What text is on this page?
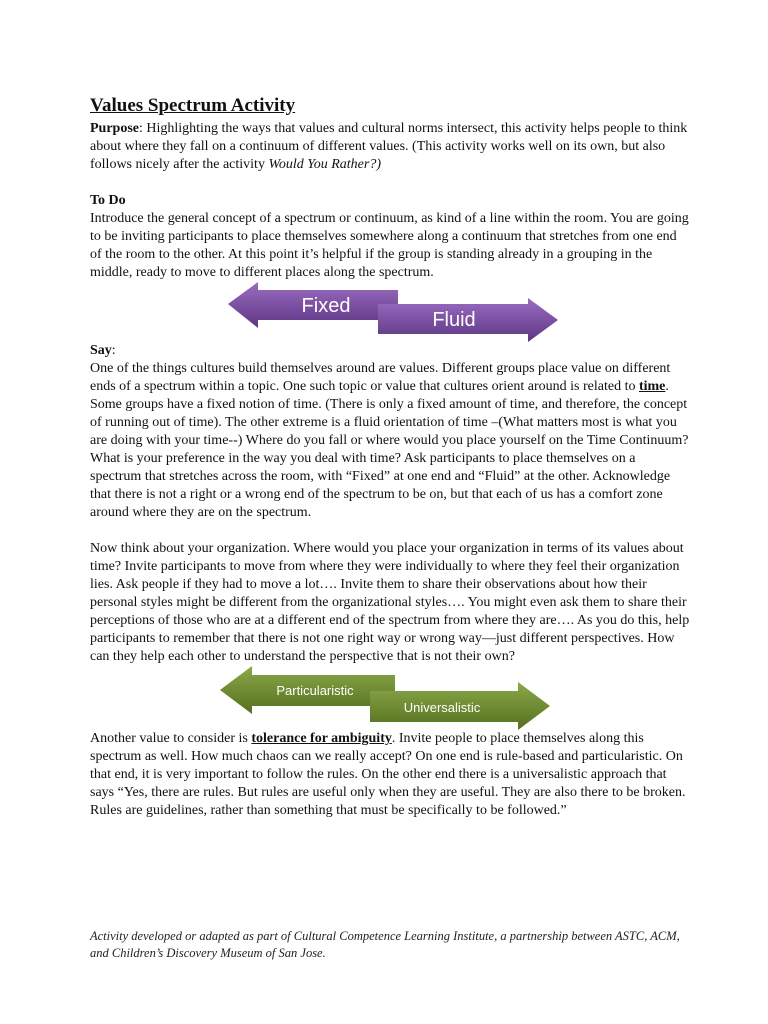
Values Spectrum Activity

Purpose: Highlighting the ways that values and cultural norms intersect, this activity helps people to think about where they fall on a continuum of different values. (This activity works well on its own, but also follows nicely after the activity Would You Rather?)

To Do

Introduce the general concept of a spectrum or continuum, as kind of a line within the room. You are going to be inviting participants to place themselves somewhere along a continuum that stretches from one end of the room to the other. At this point it’s helpful if the group is standing already in a grouping in the middle, ready to move to different places along the spectrum.

Fixed
Fluid

Say:

One of the things cultures build themselves around are values. Different groups place value on different ends of a spectrum within a topic. One such topic or value that cultures orient around is related to time.

Some groups have a fixed notion of time. (There is only a fixed amount of time, and therefore, the concept of running out of time). The other extreme is a fluid orientation of time –(What matters most is what you are doing with your time--) Where do you fall or where would you place yourself on the Time Continuum? What is your preference in the way you deal with time? Ask participants to place themselves on a spectrum that stretches across the room, with “Fixed” at one end and “Fluid” at the other. Acknowledge that there is not a right or a wrong end of the spectrum to be on, but that each of us has a comfort zone around where they are on the spectrum.

Now think about your organization. Where would you place your organization in terms of its values about time? Invite participants to move from where they were individually to where they feel their organization lies. Ask people if they had to move a lot…. Invite them to share their observations about how their personal styles might be different from the organizational styles…. You might even ask them to share their perceptions of those who are at a different end of the spectrum from where they are…. As you do this, help participants to remember that there is not one right way or wrong way—just different perspectives. How can they help each other to understand the perspective that is not their own?

Particularistic
Universalistic

Another value to consider is tolerance for ambiguity. Invite people to place themselves along this spectrum as well. How much chaos can we really accept? On one end is rule-based and particularistic. On that end, it is very important to follow the rules. On the other end there is a universalistic approach that says “Yes, there are rules. But rules are useful only when they are useful. They are also there to be broken. Rules are guidelines, rather than something that must be specifically to be followed.”

Activity developed or adapted as part of Cultural Competence Learning Institute, a partnership between ASTC, ACM, and Children’s Discovery Museum of San Jose.
